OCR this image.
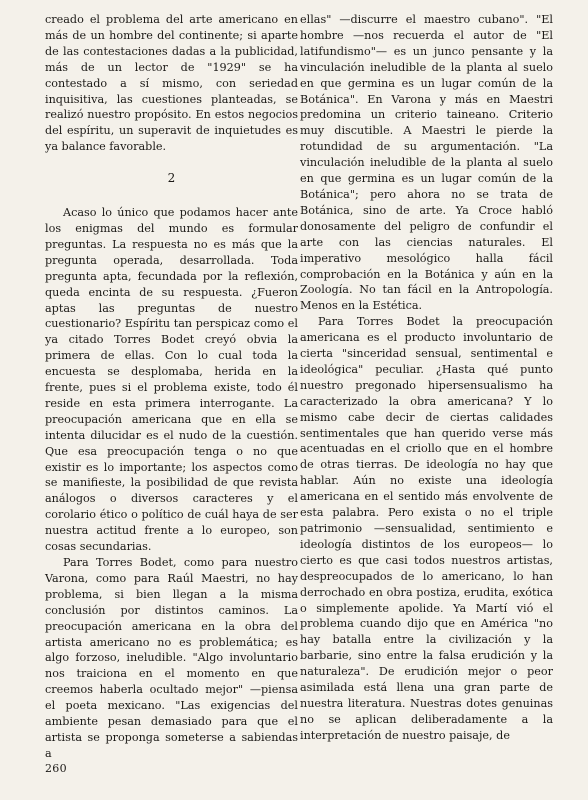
creado el problema del arte americano en más de un hombre del continente; si aparte de las contestaciones dadas a la publicidad, más de un lector de "1929" se ha contestado a sí mismo, con seriedad inquisitiva, las cuestiones planteadas, se realizó nuestro propósito. En estos negocios del espíritu, un superavit de inquietudes es ya balance favorable.

2

Acaso lo único que podamos hacer ante los enigmas del mundo es formular preguntas. La respuesta no es más que la pregunta operada, desarrollada. Toda pregunta apta, fecundada por la reflexión, queda encinta de su respuesta. ¿Fueron aptas las preguntas de nuestro cuestionario? Espíritu tan perspicaz como el ya citado Torres Bodet creyó obvia la primera de ellas. Con lo cual toda la encuesta se desplomaba, herida en la frente, pues si el problema existe, todo él reside en esta primera interrogante. La preocupación americana que en ella se intenta dilucidar es el nudo de la cuestión. Que esa preocupación tenga o no que existir es lo importante; los aspectos como se manifieste, la posibilidad de que revista análogos o diversos caracteres y el corolario ético o político de cuál haya de ser nuestra actitud frente a lo europeo, son cosas secundarias.

Para Torres Bodet, como para nuestro Varona, como para Raúl Maestri, no hay problema, si bien llegan a la misma conclusión por distintos caminos. La preocupación americana en la obra del artista americano no es problemática; es algo forzoso, ineludible. "Algo involuntario nos traiciona en el momento en que creemos haberla ocultado mejor" —piensa el poeta mexicano. "Las exigencias del ambiente pesan demasiado para que el artista se proponga someterse a sabiendas a

ellas" —discurre el maestro cubano". "El hombre —nos recuerda el autor de "El latifundismo"— es un junco pensante y la vinculación ineludible de la planta al suelo en que germina es un lugar común de la Botánica". En Varona y más en Maestri predomina un criterio taineano. Criterio muy discutible. A Maestri le pierde la rotundidad de su argumentación. "La vinculación ineludible de la planta al suelo en que germina es un lugar común de la Botánica"; pero ahora no se trata de Botánica, sino de arte. Ya Croce habló donosamente del peligro de confundir el arte con las ciencias naturales. El imperativo mesológico halla fácil comprobación en la Botánica y aún en la Zoología. No tan fácil en la Antropología. Menos en la Estética.

Para Torres Bodet la preocupación americana es el producto involuntario de cierta "sinceridad sensual, sentimental e ideológica" peculiar. ¿Hasta qué punto nuestro pregonado hipersensualismo ha caracterizado la obra americana? Y lo mismo cabe decir de ciertas calidades sentimentales que han querido verse más acentuadas en el criollo que en el hombre de otras tierras. De ideología no hay que hablar. Aún no existe una ideología americana en el sentido más envolvente de esta palabra. Pero exista o no el triple patrimonio —sensualidad, sentimiento e ideología distintos de los europeos— lo cierto es que casi todos nuestros artistas, despreocupados de lo americano, lo han derrochado en obra postiza, erudita, exótica o simplemente apolide. Ya Martí vió el problema cuando dijo que en América "no hay batalla entre la civilización y la barbarie, sino entre la falsa erudición y la naturaleza". De erudición mejor o peor asimilada está llena una gran parte de nuestra literatura. Nuestras dotes genuinas no se aplican deliberadamente a la interpretación de nuestro paisaje, de

260
